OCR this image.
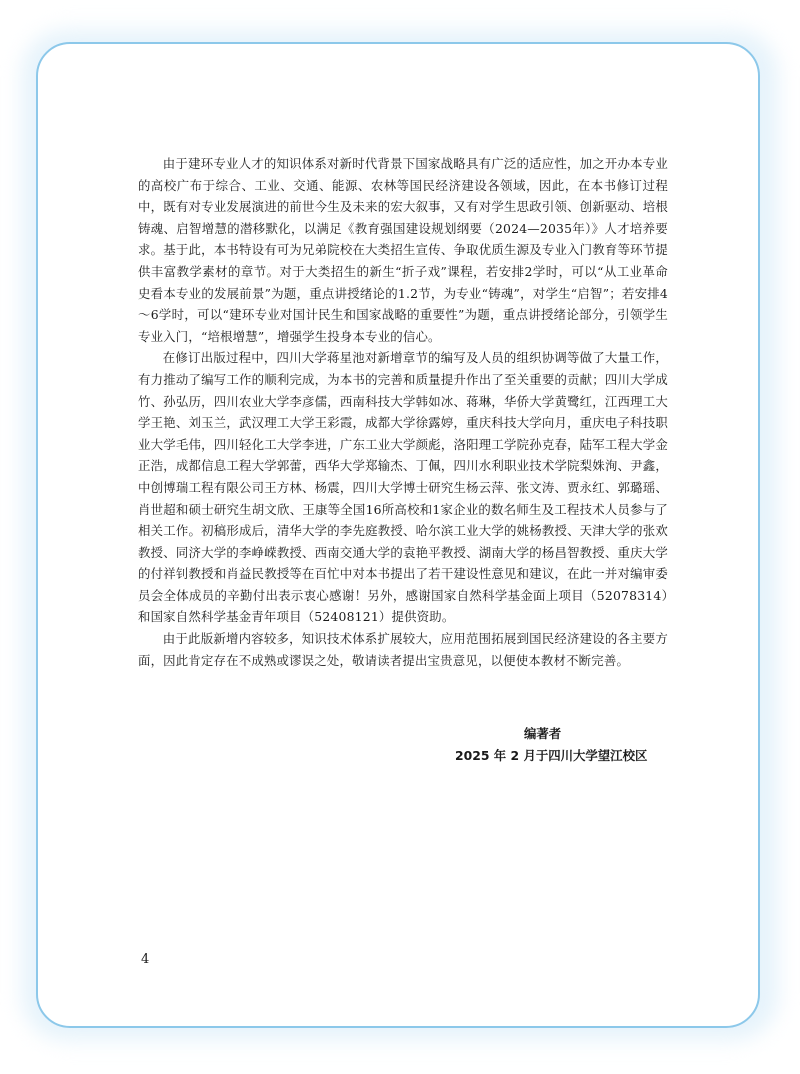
由于建环专业人才的知识体系对新时代背景下国家战略具有广泛的适应性，加之开办本专业的高校广布于综合、工业、交通、能源、农林等国民经济建设各领域，因此，在本书修订过程中，既有对专业发展演进的前世今生及未来的宏大叙事，又有对学生思政引领、创新驱动、培根铸魂、启智增慧的潜移默化，以满足《教育强国建设规划纲要（2024—2035年）》人才培养要求。基于此，本书特设有可为兄弟院校在大类招生宣传、争取优质生源及专业入门教育等环节提供丰富教学素材的章节。对于大类招生的新生“折子戏”课程，若安排2学时，可以“从工业革命史看本专业的发展前景”为题，重点讲授绪论的1.2节，为专业“铸魂”，对学生“启智”；若安排4～6学时，可以“建环专业对国计民生和国家战略的重要性”为题，重点讲授绪论部分，引领学生专业入门，“培根增慧”，增强学生投身本专业的信心。

在修订出版过程中，四川大学蒋星池对新增章节的编写及人员的组织协调等做了大量工作，有力推动了编写工作的顺利完成，为本书的完善和质量提升作出了至关重要的贡献；四川大学成竹、孙弘历，四川农业大学李彦儒，西南科技大学韩如冰、蒋琳，华侨大学黄鹭红，江西理工大学王艳、刘玉兰，武汉理工大学王彩霞，成都大学徐露婷，重庆科技大学向月，重庆电子科技职业大学毛伟，四川轻化工大学李进，广东工业大学颜彪，洛阳理工学院孙克春，陆军工程大学金正浩，成都信息工程大学郭蕾，西华大学郑输杰、丁佩，四川水利职业技术学院梨姝洵、尹鑫，中创博瑞工程有限公司王方林、杨震，四川大学博士研究生杨云萍、张文涛、贾永红、郭璐瑶、肖世超和硕士研究生胡文欣、王康等全国16所高校和1家企业的数名师生及工程技术人员参与了相关工作。初稿形成后，清华大学的李先庭教授、哈尔滨工业大学的姚杨教授、天津大学的张欢教授、同济大学的李峥嵘教授、西南交通大学的袁艳平教授、湖南大学的杨昌智教授、重庆大学的付祥钊教授和肖益民教授等在百忙中对本书提出了若干建设性意见和建议，在此一并对编审委员会全体成员的辛勤付出表示衷心感谢！另外，感谢国家自然科学基金面上项目（52078314）和国家自然科学基金青年项目（52408121）提供资助。

由于此版新增内容较多，知识技术体系扩展较大，应用范围拓展到国民经济建设的各主要方面，因此肯定存在不成熟或谬误之处，敬请读者提出宝贵意见，以便使本教材不断完善。

编著者
2025 年 2 月于四川大学望江校区
4
